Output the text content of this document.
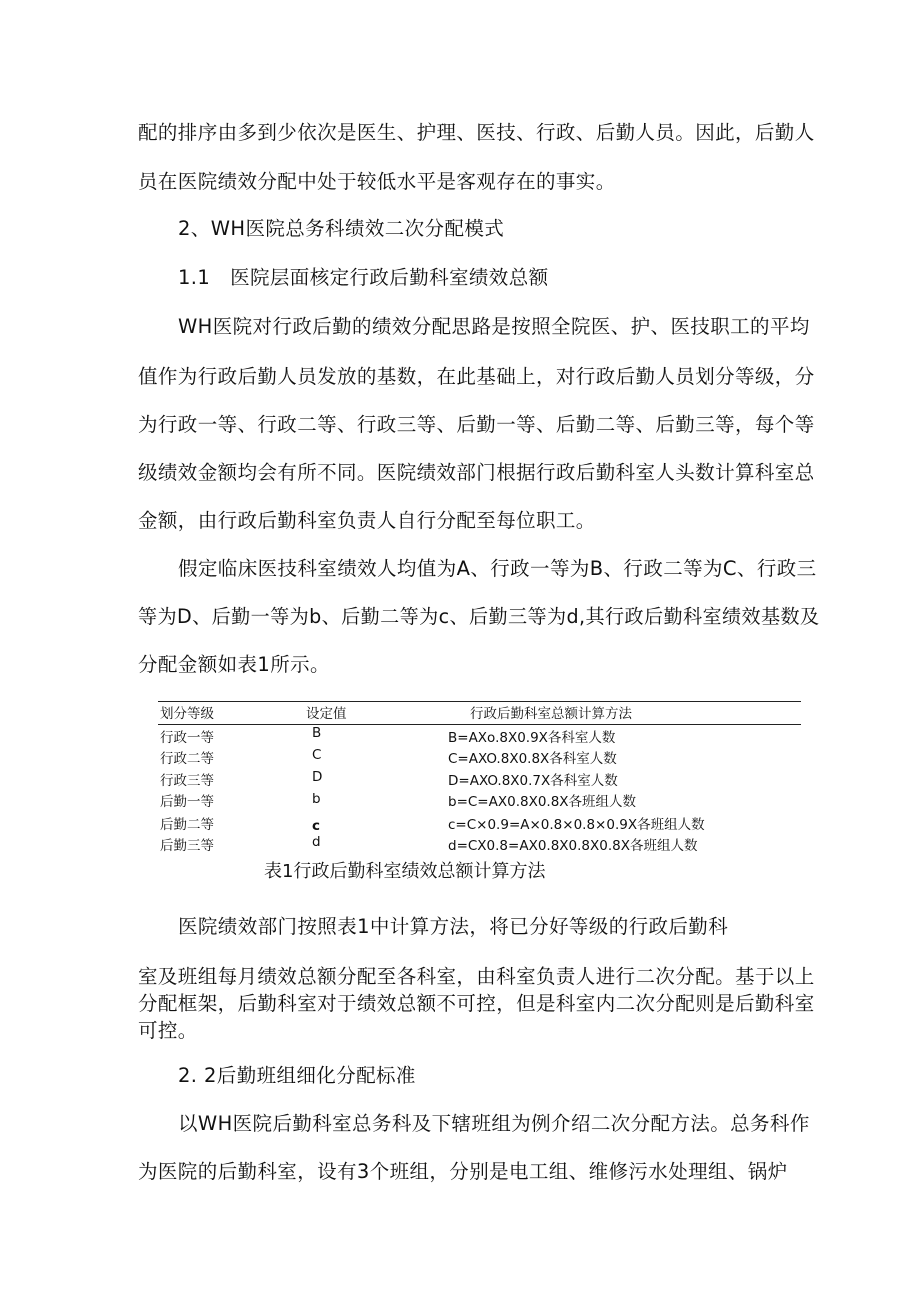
配的排序由多到少依次是医生、护理、医技、行政、后勤人员。因此，后勤人
员在医院绩效分配中处于较低水平是客观存在的事实。
2、WH医院总务科绩效二次分配模式
1.1　医院层面核定行政后勤科室绩效总额
WH医院对行政后勤的绩效分配思路是按照全院医、护、医技职工的平均
值作为行政后勤人员发放的基数，在此基础上，对行政后勤人员划分等级，分
为行政一等、行政二等、行政三等、后勤一等、后勤二等、后勤三等，每个等
级绩效金额均会有所不同。医院绩效部门根据行政后勤科室人头数计算科室总
金额，由行政后勤科室负责人自行分配至每位职工。
假定临床医技科室绩效人均值为A、行政一等为B、行政二等为C、行政三
等为D、后勤一等为b、后勤二等为c、后勤三等为d,其行政后勤科室绩效基数及
分配金额如表1所示。
划分等级	设定值	行政后勤科室总额计算方法
行政一等	B	B=AXo.8X0.9X各科室人数
行政二等	C	C=AXO.8X0.8X各科室人数
行政三等	D	D=AXO.8X0.7X各科室人数
后勤一等	b	b=C=AX0.8X0.8X各班组人数
后勤二等	c	c=C×0.9=A×0.8×0.8×0.9X各班组人数
后勤三等	d	d=CX0.8=AX0.8X0.8X0.8X各班组人数
表1行政后勤科室绩效总额计算方法
医院绩效部门按照表1中计算方法，将已分好等级的行政后勤科
室及班组每月绩效总额分配至各科室，由科室负责人进行二次分配。基于以上
分配框架，后勤科室对于绩效总额不可控，但是科室内二次分配则是后勤科室
可控。
2. 2后勤班组细化分配标准
以WH医院后勤科室总务科及下辖班组为例介绍二次分配方法。总务科作
为医院的后勤科室，设有3个班组，分别是电工组、维修污水处理组、锅炉
